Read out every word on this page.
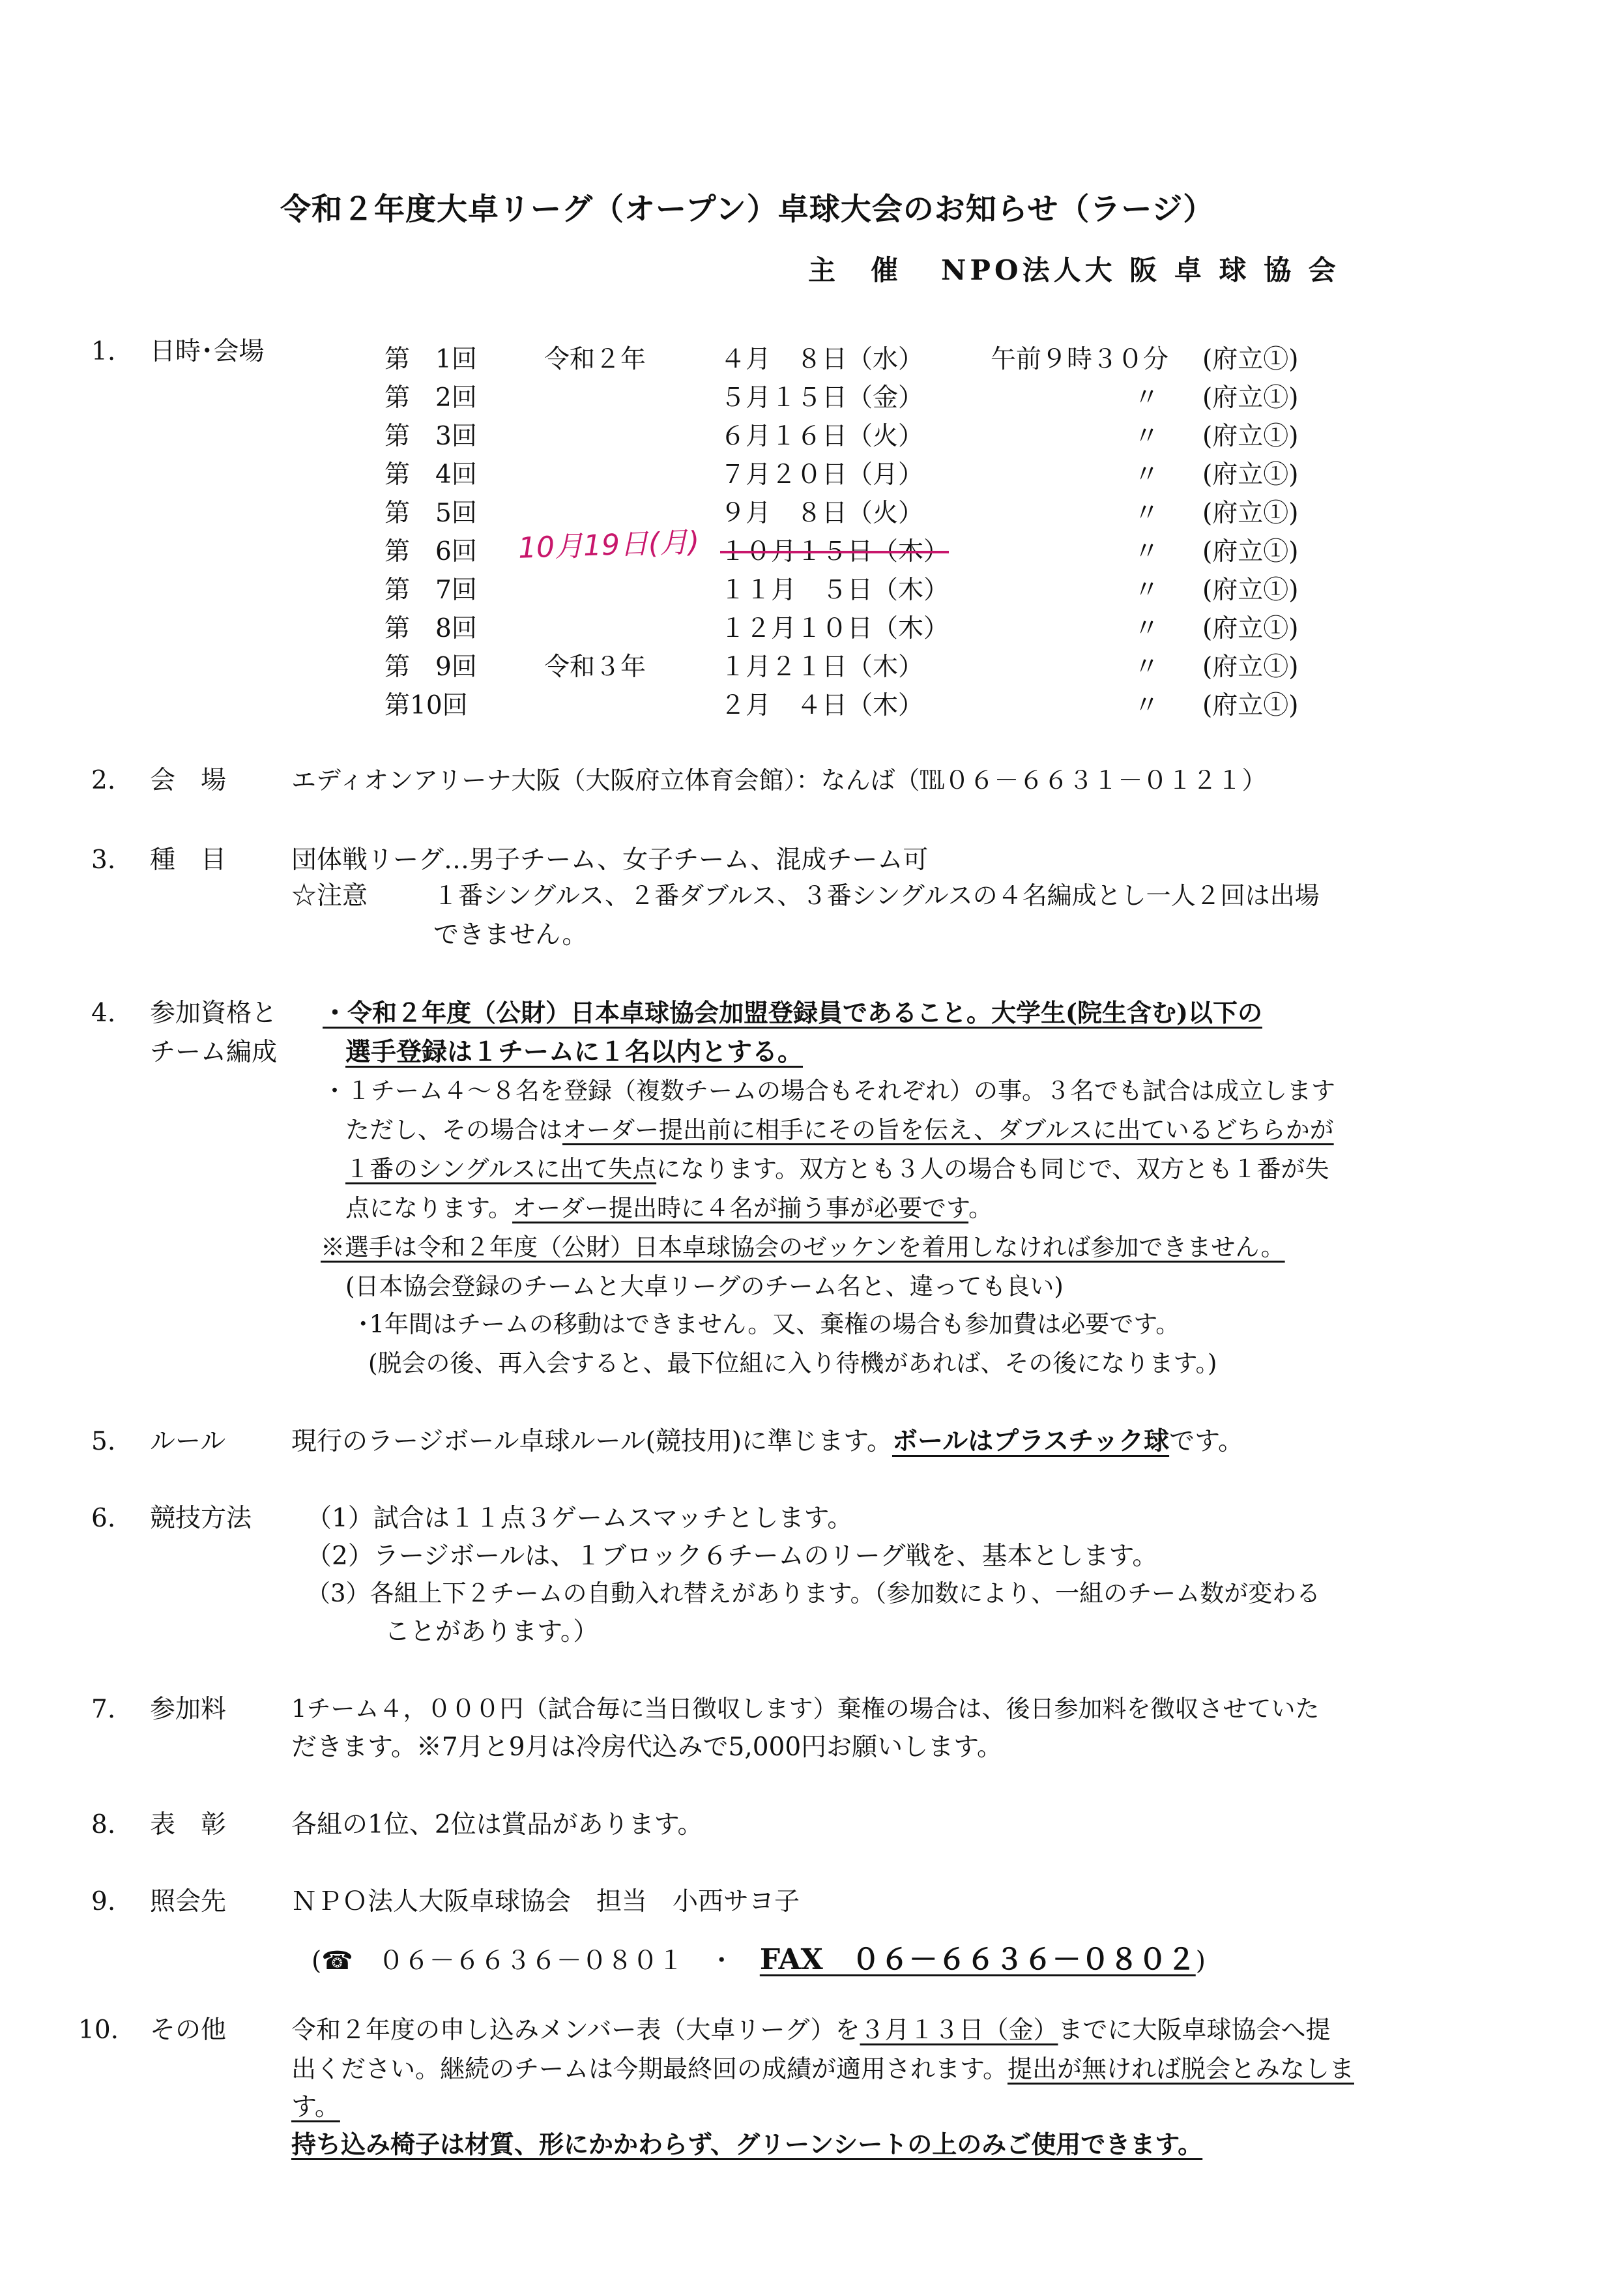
令和２年度大卓リーグ（オープン）卓球大会のお知らせ（ラージ）
主　催 NPO法人大 阪 卓 球 協 会
1. 日時･会場	第　1回	令和２年	４月　８日（水）	午前９時３０分 (府立①)
第　2回	５月１５日（金）	〃 (府立①)
第　3回	６月１６日（火）	〃 (府立①)
第　4回	７月２０日（月）	〃 (府立①)
第　5回	９月　８日（火）	〃 (府立①)
第　6回	１０月１５日（木）	〃 (府立①)
第　7回	１１月　５日（木）	〃 (府立①)
第　8回	１２月１０日（木）	〃 (府立①)
第　9回	令和３年	１月２１日（木）	〃 (府立①)
第10回	２月　４日（木）	〃 (府立①)
10月19日(月)
2. 会　場	エディオンアリーナ大阪（大阪府立体育会館）：なんば（℡０６－６６３１－０１２１）
3. 種　目	団体戦リーグ…男子チーム、女子チーム、混成チーム可
☆注意	１番シングルス、２番ダブルス、３番シングルスの４名編成とし一人２回は出場
できません。
4. 参加資格と
チーム編成
・令和２年度（公財）日本卓球協会加盟登録員であること。大学生(院生含む)以下の
選手登録は１チームに１名以内とする。
・１チーム４～８名を登録（複数チームの場合もそれぞれ）の事。３名でも試合は成立します
ただし、その場合はオーダー提出前に相手にその旨を伝え、ダブルスに出ているどちらかが
１番のシングルスに出て失点になります。双方とも３人の場合も同じで、双方とも１番が失
点になります。オーダー提出時に４名が揃う事が必要です。
※選手は令和２年度（公財）日本卓球協会のゼッケンを着用しなければ参加できません。
(日本協会登録のチームと大卓リーグのチーム名と、違っても良い)
･1年間はチームの移動はできません。又、棄権の場合も参加費は必要です。
(脱会の後、再入会すると、最下位組に入り待機があれば、その後になります。)
5. ルール	現行のラージボール卓球ルール(競技用)に準じます。ボールはプラスチック球です。
6. 競技方法 （1）試合は１１点３ゲームスマッチとします。
（2）ラージボールは、１ブロック６チームのリーグ戦を、基本とします。
（3）各組上下２チームの自動入れ替えがあります。（参加数により、一組のチーム数が変わる
ことがあります。）
7. 参加料	1チーム４，０００円（試合毎に当日徴収します）棄権の場合は、後日参加料を徴収させていた
だきます。※7月と9月は冷房代込みで5,000円お願いします。
8. 表　彰	各組の1位、2位は賞品があります。
9. 照会先	ＮＰＯ法人大阪卓球協会　担当　小西サヨ子
(☎　０６－６６３６－０８０１　・　 FAX　０６－６６３６－０８０２)
10. その他	令和２年度の申し込みメンバー表（大卓リーグ）を３月１３日（金）までに大阪卓球協会へ提
出ください。継続のチームは今期最終回の成績が適用されます。提出が無ければ脱会とみなしま
す。
持ち込み椅子は材質、形にかかわらず、グリーンシートの上のみご使用できます。
